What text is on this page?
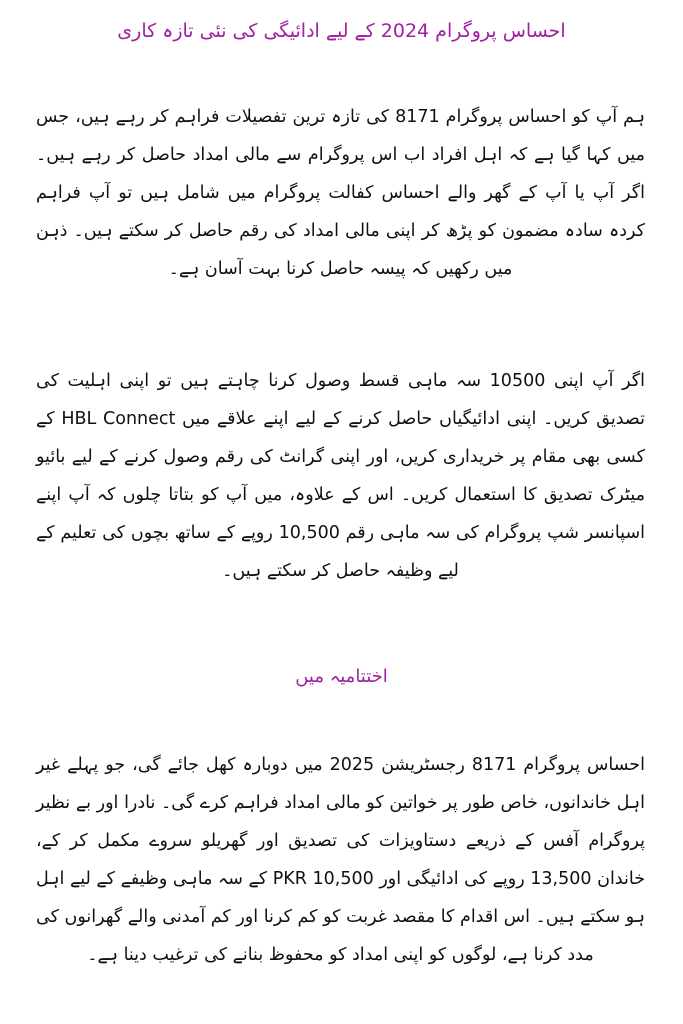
احساس پروگرام 2024 کے لیے ادائیگی کی نئی تازہ کاری

ہم آپ کو احساس پروگرام 8171 کی تازہ ترین تفصیلات فراہم کر رہے ہیں، جس میں کہا گیا ہے کہ اہل افراد اب اس پروگرام سے مالی امداد حاصل کر رہے ہیں۔ اگر آپ یا آپ کے گھر والے احساس کفالت پروگرام میں شامل ہیں تو آپ فراہم کردہ سادہ مضمون کو پڑھ کر اپنی مالی امداد کی رقم حاصل کر سکتے ہیں۔ ذہن میں رکھیں کہ پیسہ حاصل کرنا بہت آسان ہے۔

اگر آپ اپنی 10500 سہ ماہی قسط وصول کرنا چاہتے ہیں تو اپنی اہلیت کی تصدیق کریں۔ اپنی ادائیگیاں حاصل کرنے کے لیے اپنے علاقے میں HBL Connect کے کسی بھی مقام پر خریداری کریں، اور اپنی گرانٹ کی رقم وصول کرنے کے لیے بائیو میٹرک تصدیق کا استعمال کریں۔ اس کے علاوہ، میں آپ کو بتاتا چلوں کہ آپ اپنے اسپانسر شپ پروگرام کی سہ ماہی رقم 10,500 روپے کے ساتھ بچوں کی تعلیم کے لیے وظیفہ حاصل کر سکتے ہیں۔

اختتامیہ میں

احساس پروگرام 8171 رجسٹریشن 2025 میں دوبارہ کھل جائے گی، جو پہلے غیر اہل خاندانوں، خاص طور پر خواتین کو مالی امداد فراہم کرے گی۔ نادرا اور بے نظیر پروگرام آفس کے ذریعے دستاویزات کی تصدیق اور گھریلو سروے مکمل کر کے، خاندان 13,500 روپے کی ادائیگی اور PKR 10,500 کے سہ ماہی وظیفے کے لیے اہل ہو سکتے ہیں۔ اس اقدام کا مقصد غربت کو کم کرنا اور کم آمدنی والے گھرانوں کی مدد کرنا ہے، لوگوں کو اپنی امداد کو محفوظ بنانے کی ترغیب دینا ہے۔
